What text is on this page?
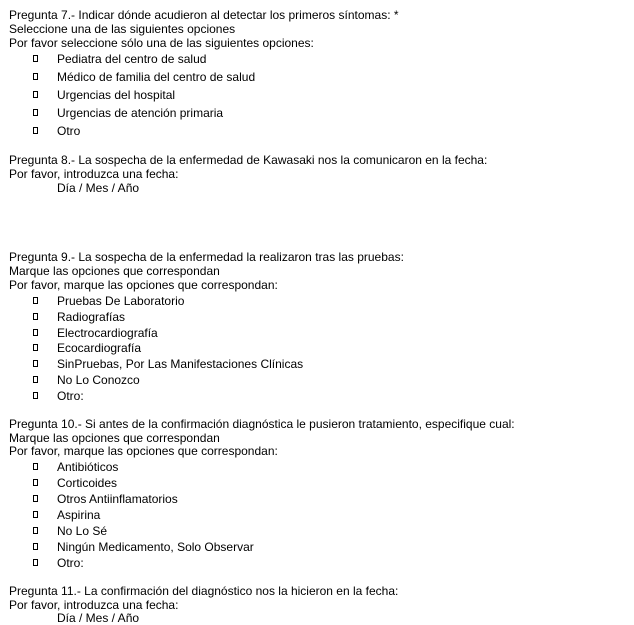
Pregunta 7.- Indicar dónde acudieron al detectar los primeros síntomas: *
Seleccione una de las siguientes opciones
Por favor seleccione sólo una de las siguientes opciones:
Pediatra del centro de salud
Médico de familia del centro de salud
Urgencias del hospital
Urgencias de atención primaria
Otro
Pregunta 8.- La sospecha de la enfermedad de Kawasaki nos la comunicaron en la fecha:
Por favor, introduzca una fecha:
Día / Mes / Año
Pregunta 9.- La sospecha de la enfermedad la realizaron tras las pruebas:
Marque las opciones que correspondan
Por favor, marque las opciones que correspondan:
Pruebas De Laboratorio
Radiografías
Electrocardiografía
Ecocardiografía
SinPruebas, Por Las Manifestaciones Clínicas
No Lo Conozco
Otro:
Pregunta 10.- Si antes de la confirmación diagnóstica le pusieron tratamiento, especifique cual:
Marque las opciones que correspondan
Por favor, marque las opciones que correspondan:
Antibióticos
Corticoides
Otros Antiinflamatorios
Aspirina
No Lo Sé
Ningún Medicamento, Solo Observar
Otro:
Pregunta 11.- La confirmación del diagnóstico nos la hicieron en la fecha:
Por favor, introduzca una fecha:
Día / Mes / Año
